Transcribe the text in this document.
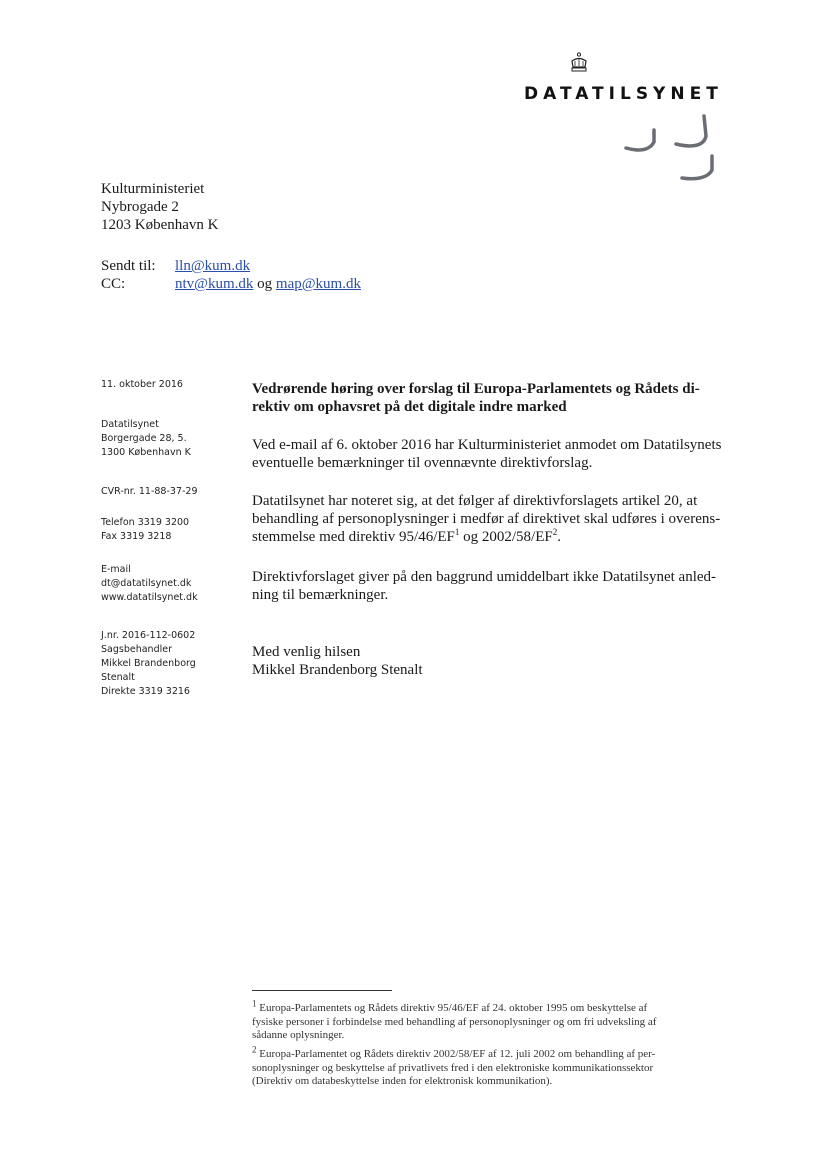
DATATILSYNET
Kulturministeriet
Nybrogade 2
1203 København K
Sendt til: lln@kum.dk
CC:	ntv@kum.dk og map@kum.dk
11. oktober 2016
Datatilsynet
Borgergade 28, 5.
1300 København K
CVR-nr. 11-88-37-29
Telefon 3319 3200
Fax 3319 3218
E-mail
dt@datatilsynet.dk
www.datatilsynet.dk
J.nr. 2016-112-0602
Sagsbehandler
Mikkel Brandenborg
Stenalt
Direkte 3319 3216
Vedrørende høring over forslag til Europa-Parlamentets og Rådets di-
rektiv om ophavsret på det digitale indre marked
Ved e-mail af 6. oktober 2016 har Kulturministeriet anmodet om Datatilsynets
eventuelle bemærkninger til ovennævnte direktivforslag.
Datatilsynet har noteret sig, at det følger af direktivforslagets artikel 20, at
behandling af personoplysninger i medfør af direktivet skal udføres i overens-
stemmelse med direktiv $95/46/EF^1$ og $2002/58/EF^2$.
Direktivforslaget giver på den baggrund umiddelbart ikke Datatilsynet anled-
ning til bemærkninger.
Med venlig hilsen
Mikkel Brandenborg Stenalt
$^1$ Europa-Parlamentets og Rådets direktiv 95/46/EF af 24. oktober 1995 om beskyttelse af
fysiske personer i forbindelse med behandling af personoplysninger og om fri udveksling af
sådanne oplysninger.
$^2$ Europa-Parlamentet og Rådets direktiv 2002/58/EF af 12. juli 2002 om behandling af per-
sonoplysninger og beskyttelse af privatlivets fred i den elektroniske kommunikationssektor
(Direktiv om databeskyttelse inden for elektronisk kommunikation).
